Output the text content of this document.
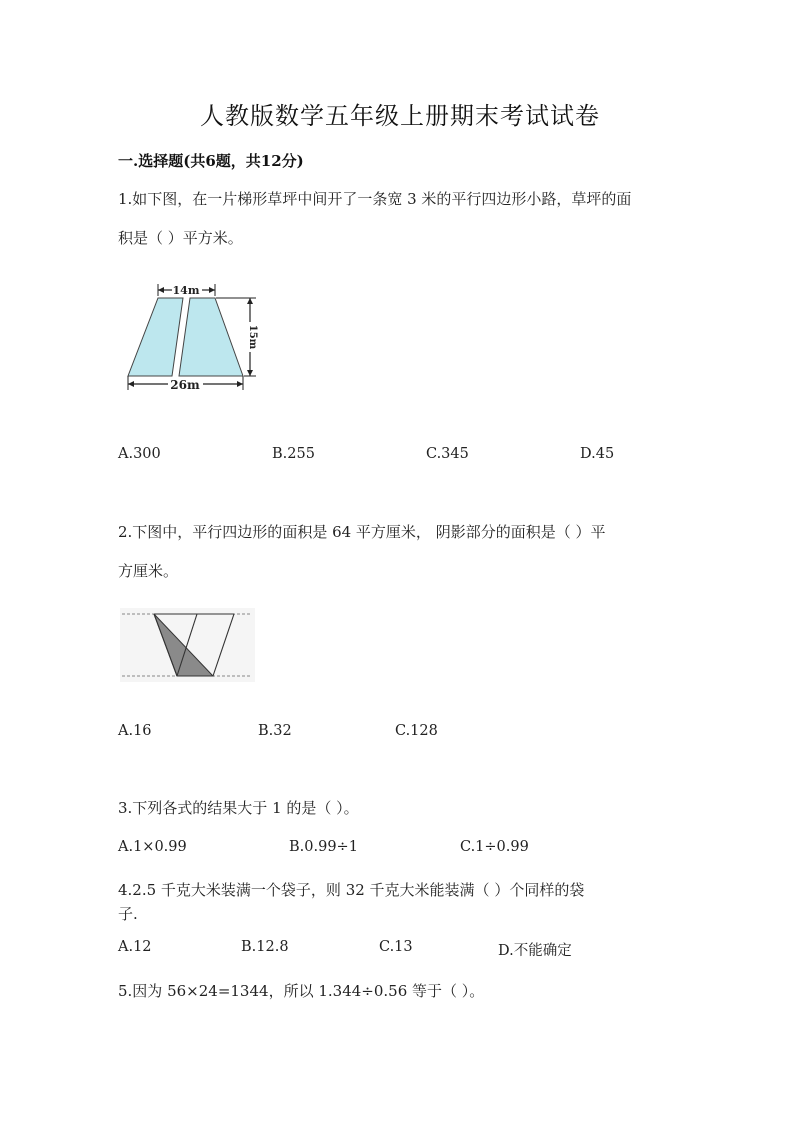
人教版数学五年级上册期末考试试卷
一.选择题(共6题，共12分)
1.如下图，在一片梯形草坪中间开了一条宽 3 米的平行四边形小路，草坪的面
积是（ ）平方米。
14m
15m
26m
A.300	B.255	C.345	D.45
2.下图中，平行四边形的面积是 64 平方厘米， 阴影部分的面积是（ ）平
方厘米。
A.16	B.32	C.128
3.下列各式的结果大于 1 的是（ ）。
A.1×0.99	B.0.99÷1	C.1÷0.99
4.2.5 千克大米装满一个袋子，则 32 千克大米能装满（ ）个同样的袋
子.
A.12	B.12.8	C.13	D.不能确定
5.因为 56×24=1344，所以 1.344÷0.56 等于（ ）。
